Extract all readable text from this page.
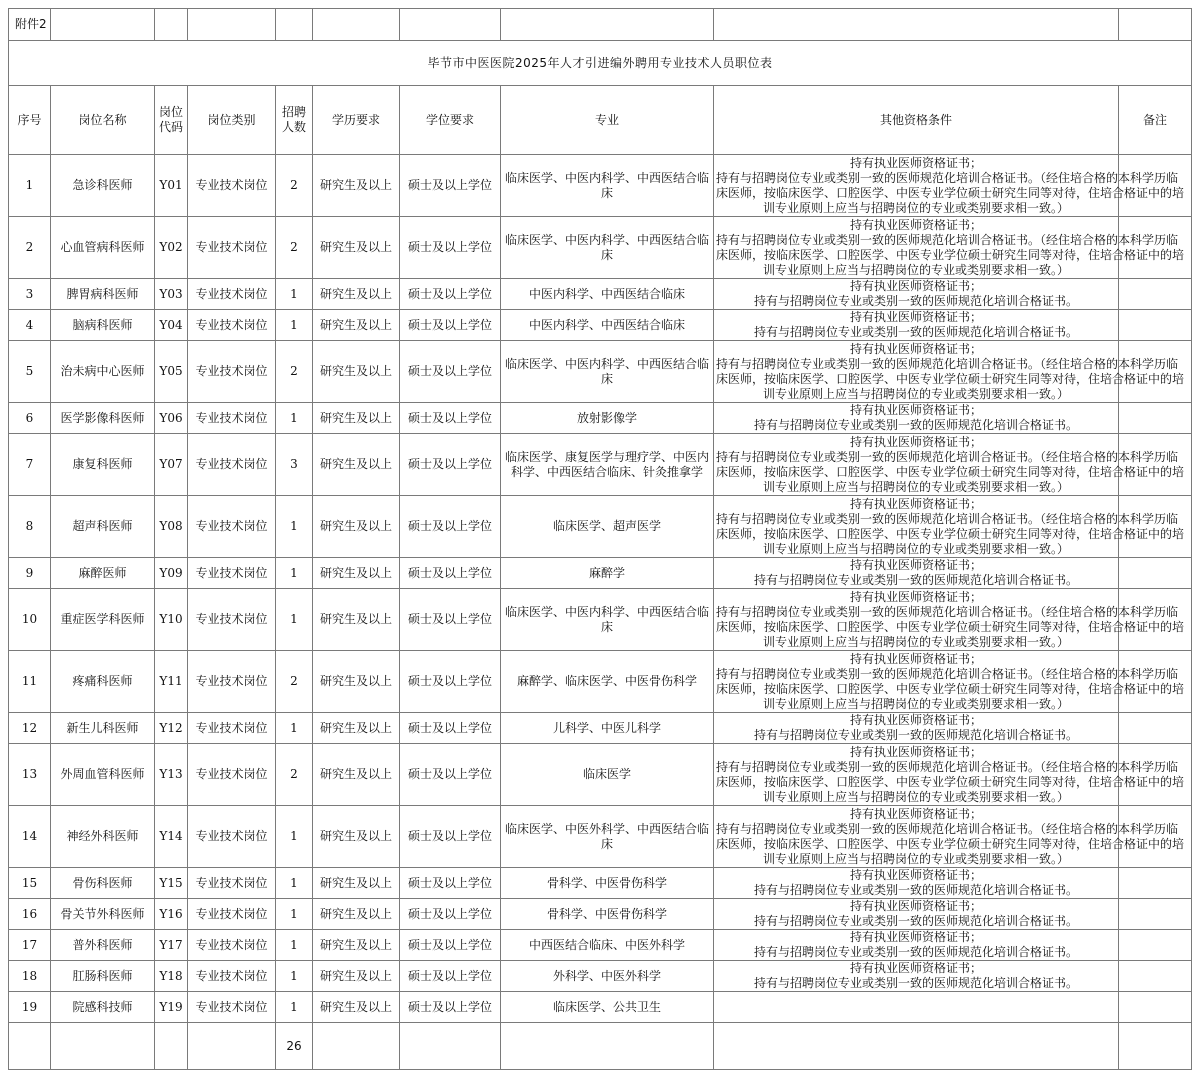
附件2									
毕节市中医医院2025年人才引进编外聘用专业技术人员职位表									
序号	岗位名称	岗位代码	岗位类别	招聘人数	学历要求	学位要求	专业	其他资格条件	备注
1	急诊科医师	Y01	专业技术岗位	2	研究生及以上	硕士及以上学位	临床医学、中医内科学、中西医结合临床	持有执业医师资格证书；
持有与招聘岗位专业或类别一致的医师规范化培训合格证书。（经住培合格的本科学历临
床医师，按临床医学、口腔医学、中医专业学位硕士研究生同等对待，住培合格证中的培
训专业原则上应当与招聘岗位的专业或类别要求相一致。）	

2	心血管病科医师	Y02	专业技术岗位	2	研究生及以上	硕士及以上学位	临床医学、中医内科学、中西医结合临床	持有执业医师资格证书；
持有与招聘岗位专业或类别一致的医师规范化培训合格证书。（经住培合格的本科学历临
床医师，按临床医学、口腔医学、中医专业学位硕士研究生同等对待，住培合格证中的培
训专业原则上应当与招聘岗位的专业或类别要求相一致。）	

3	脾胃病科医师	Y03	专业技术岗位	1	研究生及以上	硕士及以上学位	中医内科学、中西医结合临床	持有执业医师资格证书；
持有与招聘岗位专业或类别一致的医师规范化培训合格证书。	

4	脑病科医师	Y04	专业技术岗位	1	研究生及以上	硕士及以上学位	中医内科学、中西医结合临床	持有执业医师资格证书；
持有与招聘岗位专业或类别一致的医师规范化培训合格证书。	

5	治未病中心医师	Y05	专业技术岗位	2	研究生及以上	硕士及以上学位	临床医学、中医内科学、中西医结合临床	持有执业医师资格证书；
持有与招聘岗位专业或类别一致的医师规范化培训合格证书。（经住培合格的本科学历临
床医师，按临床医学、口腔医学、中医专业学位硕士研究生同等对待，住培合格证中的培
训专业原则上应当与招聘岗位的专业或类别要求相一致。）	

6	医学影像科医师	Y06	专业技术岗位	1	研究生及以上	硕士及以上学位	放射影像学	持有执业医师资格证书；
持有与招聘岗位专业或类别一致的医师规范化培训合格证书。	

7	康复科医师	Y07	专业技术岗位	3	研究生及以上	硕士及以上学位	临床医学、康复医学与理疗学、中医内科学、中西医结合临床、针灸推拿学	持有执业医师资格证书；
持有与招聘岗位专业或类别一致的医师规范化培训合格证书。（经住培合格的本科学历临
床医师，按临床医学、口腔医学、中医专业学位硕士研究生同等对待，住培合格证中的培
训专业原则上应当与招聘岗位的专业或类别要求相一致。）	

8	超声科医师	Y08	专业技术岗位	1	研究生及以上	硕士及以上学位	临床医学、超声医学	持有执业医师资格证书；
持有与招聘岗位专业或类别一致的医师规范化培训合格证书。（经住培合格的本科学历临
床医师，按临床医学、口腔医学、中医专业学位硕士研究生同等对待，住培合格证中的培
训专业原则上应当与招聘岗位的专业或类别要求相一致。）	

9	麻醉医师	Y09	专业技术岗位	1	研究生及以上	硕士及以上学位	麻醉学	持有执业医师资格证书；
持有与招聘岗位专业或类别一致的医师规范化培训合格证书。	

10	重症医学科医师	Y10	专业技术岗位	1	研究生及以上	硕士及以上学位	临床医学、中医内科学、中西医结合临床	持有执业医师资格证书；
持有与招聘岗位专业或类别一致的医师规范化培训合格证书。（经住培合格的本科学历临
床医师，按临床医学、口腔医学、中医专业学位硕士研究生同等对待，住培合格证中的培
训专业原则上应当与招聘岗位的专业或类别要求相一致。）	

11	疼痛科医师	Y11	专业技术岗位	2	研究生及以上	硕士及以上学位	麻醉学、临床医学、中医骨伤科学	持有执业医师资格证书；
持有与招聘岗位专业或类别一致的医师规范化培训合格证书。（经住培合格的本科学历临
床医师，按临床医学、口腔医学、中医专业学位硕士研究生同等对待，住培合格证中的培
训专业原则上应当与招聘岗位的专业或类别要求相一致。）	

12	新生儿科医师	Y12	专业技术岗位	1	研究生及以上	硕士及以上学位	儿科学、中医儿科学	持有执业医师资格证书；
持有与招聘岗位专业或类别一致的医师规范化培训合格证书。	

13	外周血管科医师	Y13	专业技术岗位	2	研究生及以上	硕士及以上学位	临床医学	持有执业医师资格证书；
持有与招聘岗位专业或类别一致的医师规范化培训合格证书。（经住培合格的本科学历临
床医师，按临床医学、口腔医学、中医专业学位硕士研究生同等对待，住培合格证中的培
训专业原则上应当与招聘岗位的专业或类别要求相一致。）	

14	神经外科医师	Y14	专业技术岗位	1	研究生及以上	硕士及以上学位	临床医学、中医外科学、中西医结合临床	持有执业医师资格证书；
持有与招聘岗位专业或类别一致的医师规范化培训合格证书。（经住培合格的本科学历临
床医师，按临床医学、口腔医学、中医专业学位硕士研究生同等对待，住培合格证中的培
训专业原则上应当与招聘岗位的专业或类别要求相一致。）	

15	骨伤科医师	Y15	专业技术岗位	1	研究生及以上	硕士及以上学位	骨科学、中医骨伤科学	持有执业医师资格证书；
持有与招聘岗位专业或类别一致的医师规范化培训合格证书。	

16	骨关节外科医师	Y16	专业技术岗位	1	研究生及以上	硕士及以上学位	骨科学、中医骨伤科学	持有执业医师资格证书；
持有与招聘岗位专业或类别一致的医师规范化培训合格证书。	

17	普外科医师	Y17	专业技术岗位	1	研究生及以上	硕士及以上学位	中西医结合临床、中医外科学	持有执业医师资格证书；
持有与招聘岗位专业或类别一致的医师规范化培训合格证书。	

18	肛肠科医师	Y18	专业技术岗位	1	研究生及以上	硕士及以上学位	外科学、中医外科学	持有执业医师资格证书；
持有与招聘岗位专业或类别一致的医师规范化培训合格证书。	

19	院感科技师	Y19	专业技术岗位	1	研究生及以上	硕士及以上学位	临床医学、公共卫生		
				26					
